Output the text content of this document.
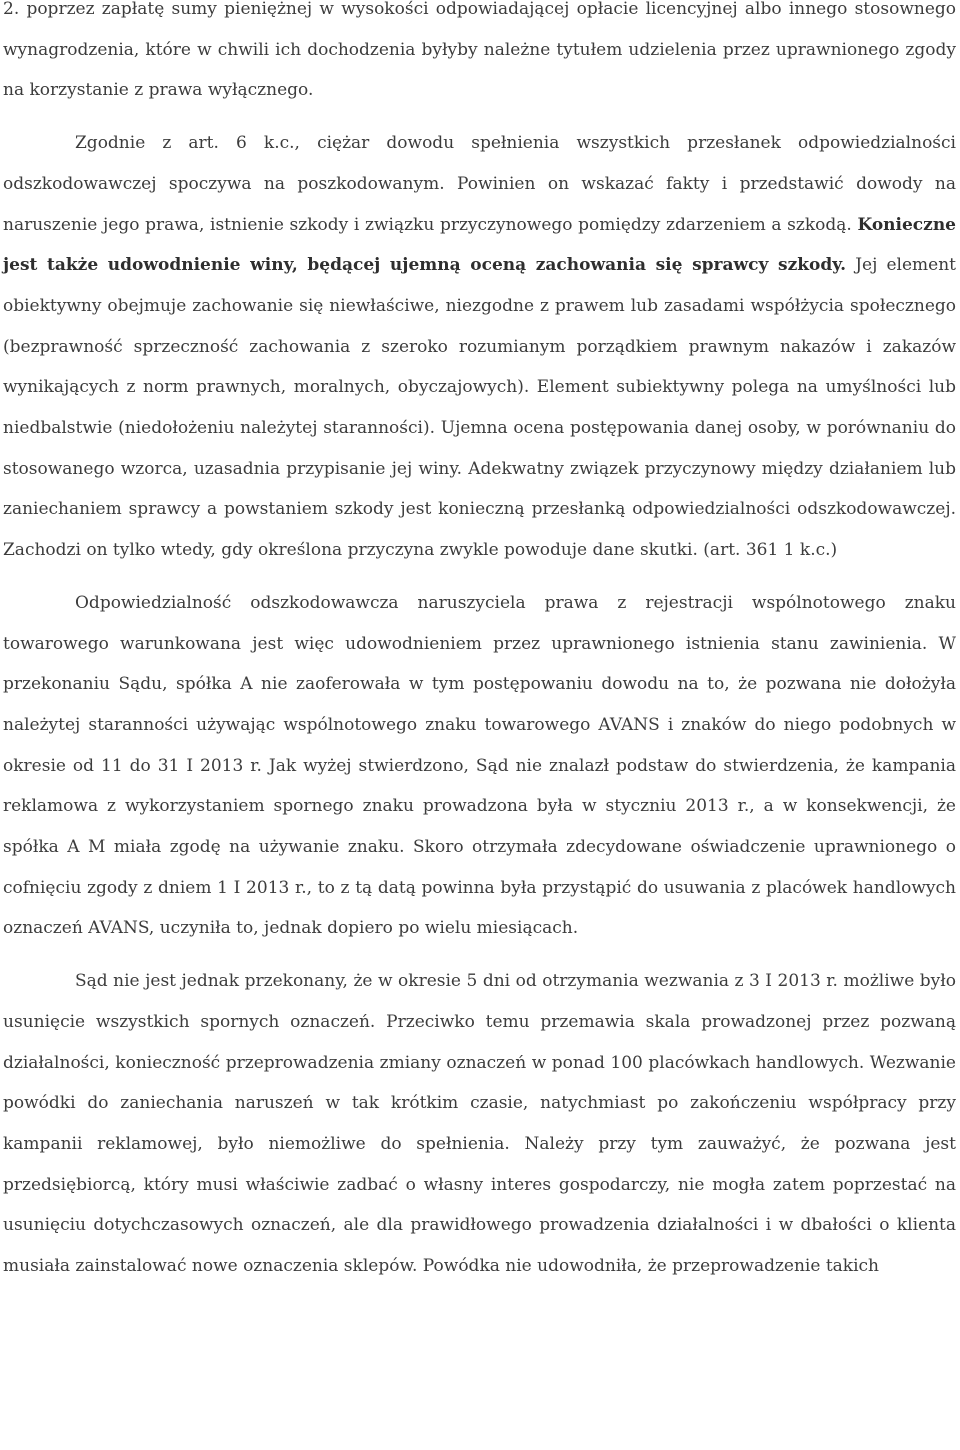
2. poprzez zapłatę sumy pieniężnej w wysokości odpowiadającej opłacie licencyjnej albo innego stosownego wynagrodzenia, które w chwili ich dochodzenia byłyby należne tytułem udzielenia przez uprawnionego zgody na korzystanie z prawa wyłącznego.

Zgodnie z art. 6 k.c., ciężar dowodu spełnienia wszystkich przesłanek odpowiedzialności odszkodowawczej spoczywa na poszkodowanym. Powinien on wskazać fakty i przedstawić dowody na naruszenie jego prawa, istnienie szkody i związku przyczynowego pomiędzy zdarzeniem a szkodą. Konieczne jest także udowodnienie winy, będącej ujemną oceną zachowania się sprawcy szkody. Jej element obiektywny obejmuje zachowanie się niewłaściwe, niezgodne z prawem lub zasadami współżycia społecznego (bezprawność sprzeczność zachowania z szeroko rozumianym porządkiem prawnym nakazów i zakazów wynikających z norm prawnych, moralnych, obyczajowych). Element subiektywny polega na umyślności lub niedbalstwie (niedołożeniu należytej staranności). Ujemna ocena postępowania danej osoby, w porównaniu do stosowanego wzorca, uzasadnia przypisanie jej winy. Adekwatny związek przyczynowy między działaniem lub zaniechaniem sprawcy a powstaniem szkody jest konieczną przesłanką odpowiedzialności odszkodowawczej. Zachodzi on tylko wtedy, gdy określona przyczyna zwykle powoduje dane skutki. (art. 361 1 k.c.)

Odpowiedzialność odszkodowawcza naruszyciela prawa z rejestracji wspólnotowego znaku towarowego warunkowana jest więc udowodnieniem przez uprawnionego istnienia stanu zawinienia. W przekonaniu Sądu, spółka A nie zaoferowała w tym postępowaniu dowodu na to, że pozwana nie dołożyła należytej staranności używając wspólnotowego znaku towarowego AVANS i znaków do niego podobnych w okresie od 11 do 31 I 2013 r. Jak wyżej stwierdzono, Sąd nie znalazł podstaw do stwierdzenia, że kampania reklamowa z wykorzystaniem spornego znaku prowadzona była w styczniu 2013 r., a w konsekwencji, że spółka A M miała zgodę na używanie znaku. Skoro otrzymała zdecydowane oświadczenie uprawnionego o cofnięciu zgody z dniem 1 I 2013 r., to z tą datą powinna była przystąpić do usuwania z placówek handlowych oznaczeń AVANS, uczyniła to, jednak dopiero po wielu miesiącach.

Sąd nie jest jednak przekonany, że w okresie 5 dni od otrzymania wezwania z 3 I 2013 r. możliwe było usunięcie wszystkich spornych oznaczeń. Przeciwko temu przemawia skala prowadzonej przez pozwaną działalności, konieczność przeprowadzenia zmiany oznaczeń w ponad 100 placówkach handlowych. Wezwanie powódki do zaniechania naruszeń w tak krótkim czasie, natychmiast po zakończeniu współpracy przy kampanii reklamowej, było niemożliwe do spełnienia. Należy przy tym zauważyć, że pozwana jest przedsiębiorcą, który musi właściwie zadbać o własny interes gospodarczy, nie mogła zatem poprzestać na usunięciu dotychczasowych oznaczeń, ale dla prawidłowego prowadzenia działalności i w dbałości o klienta musiała zainstalować nowe oznaczenia sklepów. Powódka nie udowodniła, że przeprowadzenie takich
